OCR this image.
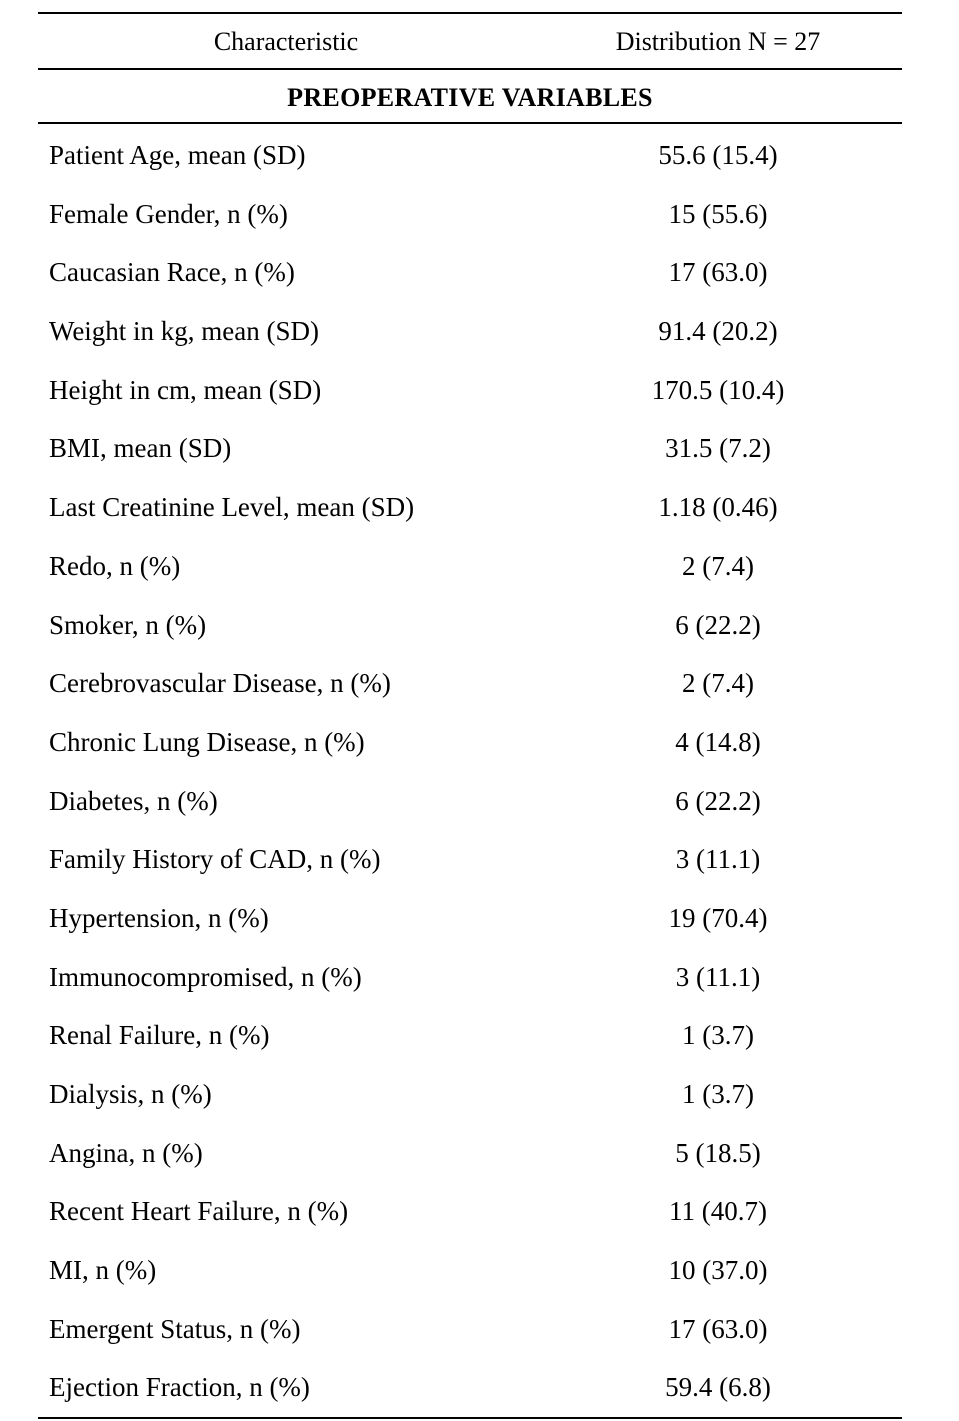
Characteristic	Distribution N = 27
PREOPERATIVE VARIABLES
Patient Age, mean (SD)	55.6 (15.4)
Female Gender, n (%)	15 (55.6)
Caucasian Race, n (%)	17 (63.0)
Weight in kg, mean (SD)	91.4 (20.2)
Height in cm, mean (SD)	170.5 (10.4)
BMI, mean (SD)	31.5 (7.2)
Last Creatinine Level, mean (SD)	1.18 (0.46)
Redo, n (%)	2 (7.4)
Smoker, n (%)	6 (22.2)
Cerebrovascular Disease, n (%)	2 (7.4)
Chronic Lung Disease, n (%)	4 (14.8)
Diabetes, n (%)	6 (22.2)
Family History of CAD, n (%)	3 (11.1)
Hypertension, n (%)	19 (70.4)
Immunocompromised, n (%)	3 (11.1)
Renal Failure, n (%)	1 (3.7)
Dialysis, n (%)	1 (3.7)
Angina, n (%)	5 (18.5)
Recent Heart Failure, n (%)	11 (40.7)
MI, n (%)	10 (37.0)
Emergent Status, n (%)	17 (63.0)
Ejection Fraction, n (%)	59.4 (6.8)
